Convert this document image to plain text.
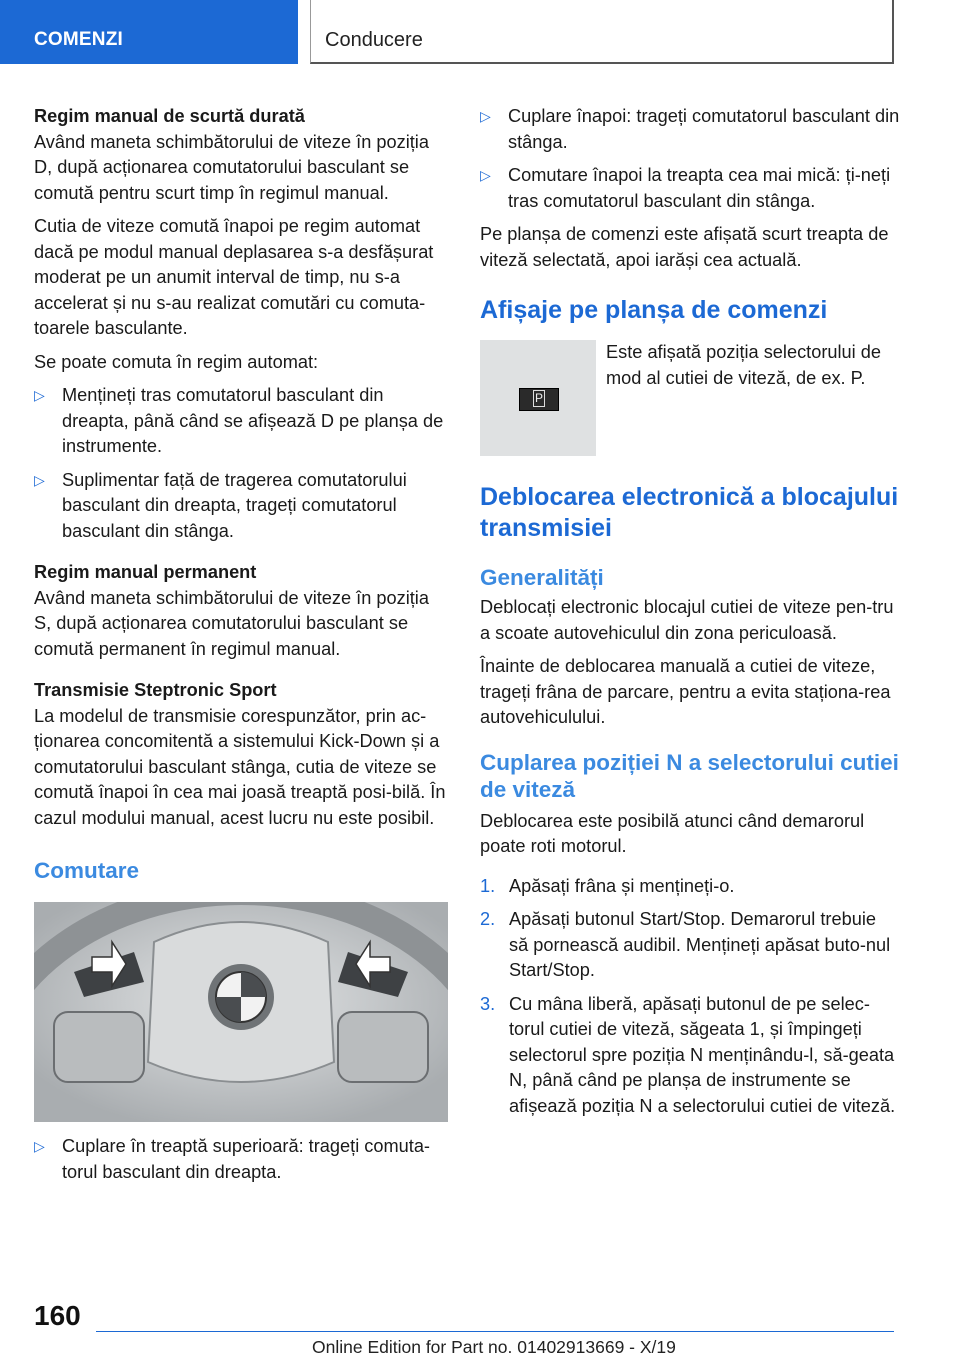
COMENZI	Conducere
Regim manual de scurtă durată

Având maneta schimbătorului de viteze în poziția D, după acționarea comutatorului basculant se comută pentru scurt timp în regimul manual.

Cutia de viteze comută înapoi pe regim automat dacă pe modul manual deplasarea s-a desfășurat moderat pe un anumit interval de timp, nu s-a accelerat și nu s-au realizat comutări cu comuta-toarele basculante.

Se poate comuta în regim automat:

▷ Mențineți tras comutatorul basculant din dreapta, până când se afișează D pe planșa de instrumente.
▷ Suplimentar față de tragerea comutatorului basculant din dreapta, trageți comutatorul basculant din stânga.
Regim manual permanent

Având maneta schimbătorului de viteze în poziția S, după acționarea comutatorului basculant se comută permanent în regimul manual.

Transmisie Steptronic Sport

La modelul de transmisie corespunzător, prin ac-ționarea concomitentă a sistemului Kick-Down și a comutatorului basculant stânga, cutia de viteze se comută înapoi în cea mai joasă treaptă posi-bilă. În cazul modului manual, acest lucru nu este posibil.

Comutare
▷ Cuplare în treaptă superioară: trageți comuta-torul basculant din dreapta.
▷ Cuplare înapoi: trageți comutatorul basculant din stânga.
▷ Comutare înapoi la treapta cea mai mică: ți-neți tras comutatorul basculant din stânga.

Pe planșa de comenzi este afișată scurt treapta de viteză selectată, apoi iarăși cea actuală.

Afișaje pe planșa de comenzi
P

Este afișată poziția selectorului de mod al cutiei de viteză, de ex. P.

Deblocarea electronică a blocajului transmisiei
Generalități

Deblocați electronic blocajul cutiei de viteze pen-tru a scoate autovehiculul din zona periculoasă.

Înainte de deblocarea manuală a cutiei de viteze, trageți frâna de parcare, pentru a evita staționa-rea autovehiculului.

Cuplarea poziției N a selectorului cutiei de viteză

Deblocarea este posibilă atunci când demarorul poate roti motorul.

1. Apăsați frâna și mențineți-o.
2. Apăsați butonul Start/Stop. Demarorul trebuie să pornească audibil. Mențineți apăsat buto-nul Start/Stop.
3. Cu mâna liberă, apăsați butonul de pe selec-torul cutiei de viteză, săgeata 1, și împingeți selectorul spre poziția N menținându-l, să-geata N, până când pe planșa de instrumente se afișează poziția N a selectorului cutiei de viteză.
160
Online Edition for Part no. 01402913669 - X/19
